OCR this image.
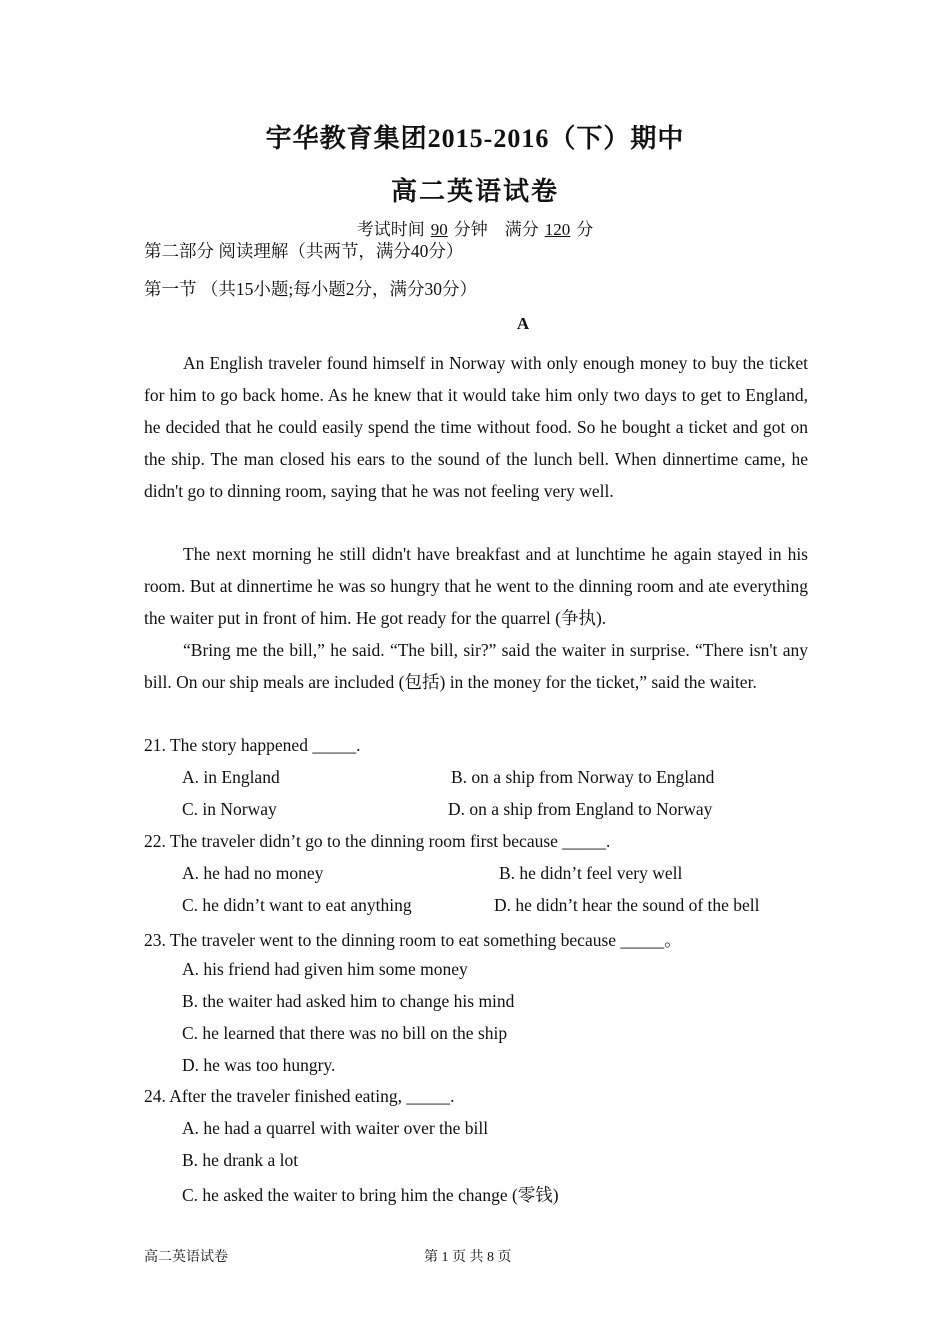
宇华教育集团2015-2016（下）期中
高二英语试卷
考试时间 90 分钟 满分 120 分
第二部分 阅读理解（共两节，满分40分）
第一节 （共15小题;每小题2分，满分30分）
A

An English traveler found himself in Norway with only enough money to buy the ticket for him to go back home. As he knew that it would take him only two days to get to England, he decided that he could easily spend the time without food. So he bought a ticket and got on the ship. The man closed his ears to the sound of the lunch bell. When dinnertime came, he didn't go to dinning room, saying that he was not feeling very well.

The next morning he still didn't have breakfast and at lunchtime he again stayed in his room. But at dinnertime he was so hungry that he went to the dinning room and ate everything the waiter put in front of him. He got ready for the quarrel (争执).

“Bring me the bill,” he said. “The bill, sir?” said the waiter in surprise. “There isn't any bill. On our ship meals are included (包括) in the money for the ticket,” said the waiter.

21. The story happened _____.
A. in England	B. on a ship from Norway to England
C. in Norway	D. on a ship from England to Norway
22. The traveler didn’t go to the dinning room first because _____.
A. he had no money	B. he didn’t feel very well
C. he didn’t want to eat anything	D. he didn’t hear the sound of the bell
23. The traveler went to the dinning room to eat something because _____。
A. his friend had given him some money
B. the waiter had asked him to change his mind
C. he learned that there was no bill on the ship
D. he was too hungry.
24. After the traveler finished eating, _____.
A. he had a quarrel with waiter over the bill
B. he drank a lot
C. he asked the waiter to bring him the change (零钱)
高二英语试卷	第 1 页 共 8 页
